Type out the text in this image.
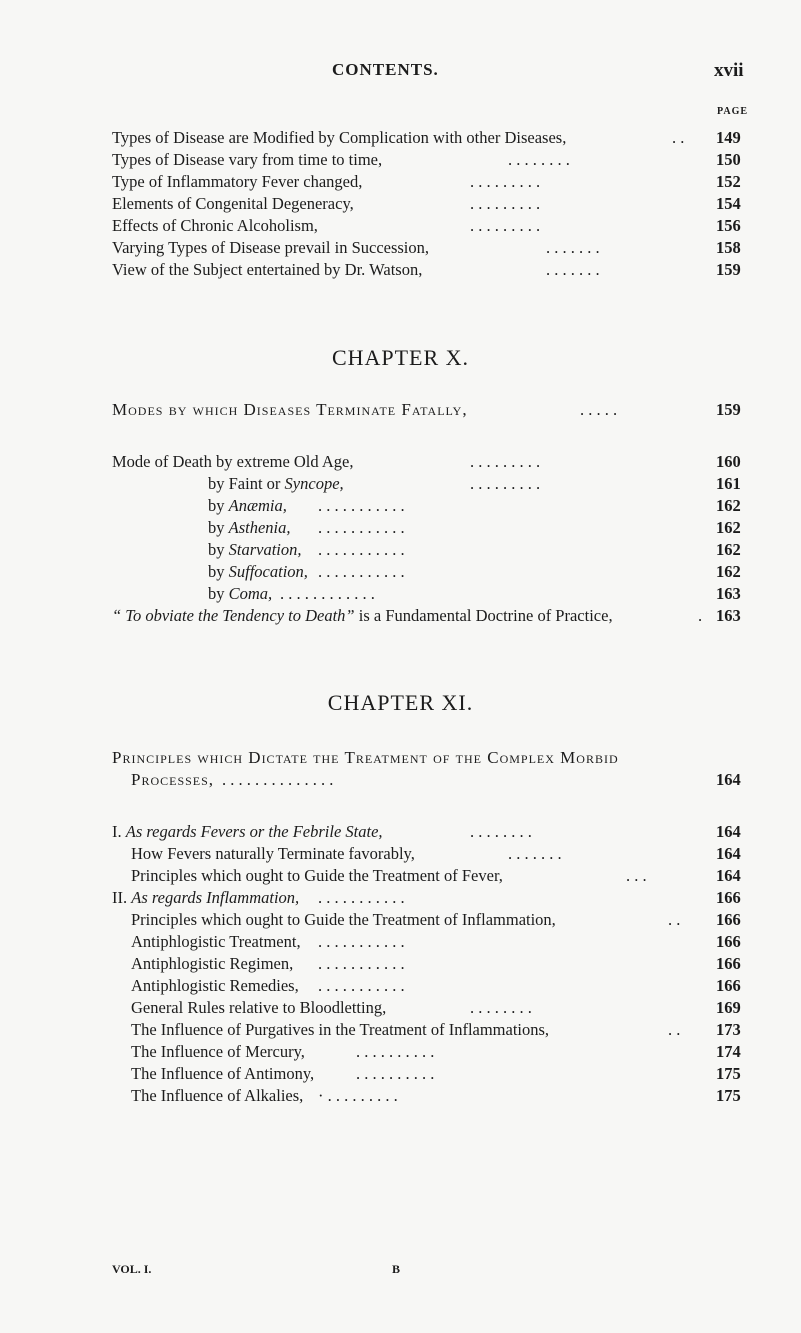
CONTENTS.	xvii
PAGE
Types of Disease are Modified by Complication with other Diseases,	. . 149
Types of Disease vary from time to time,	. . . . . . . .	150
Type of Inflammatory Fever changed,	. . . . . . . . .	152
Elements of Congenital Degeneracy,	. . . . . . . . .	154
Effects of Chronic Alcoholism,	. . . . . . . . .	156
Varying Types of Disease prevail in Succession,	. . . . . . .	158
View of the Subject entertained by Dr. Watson,	. . . . . . .	159
CHAPTER X.
Modes by which Diseases Terminate Fatally,	. . . . .	159
Mode of Death by extreme Old Age,	. . . . . . . . .	160
by Faint or Syncope,	. . . . . . . . .	161
by Anæmia, . . . . . . . . . . .	162
by Asthenia, . . . . . . . . . . .	162
by Starvation, . . . . . . . . . . .	162
by Suffocation, . . . . . . . . . . .	162
by Coma, . . . . . . . . . . . .	163
“ To obviate the Tendency to Death” is a Fundamental Doctrine of Practice,	. 163
CHAPTER XI.
Principles which Dictate the Treatment of the Complex Morbid
Processes, . . . . . . . . . . . . . .	164
I. As regards Fevers or the Febrile State,	. . . . . . . .	164
How Fevers naturally Terminate favorably,	. . . . . . .	164
Principles which ought to Guide the Treatment of Fever,	. . .	164
II. As regards Inflammation, . . . . . . . . . . .	166
Principles which ought to Guide the Treatment of Inflammation,	. . 166
Antiphlogistic Treatment, . . . . . . . . . . .	166
Antiphlogistic Regimen, . . . . . . . . . . .	166
Antiphlogistic Remedies, . . . . . . . . . . .	166
General Rules relative to Bloodletting,	. . . . . . . .	169
The Influence of Purgatives in the Treatment of Inflammations,	. . 173
The Influence of Mercury,	. . . . . . . . . .	174
The Influence of Antimony,	. . . . . . . . . .	175
The Influence of Alkalies, · . . . . . . . . .	175
VOL. I.	B
